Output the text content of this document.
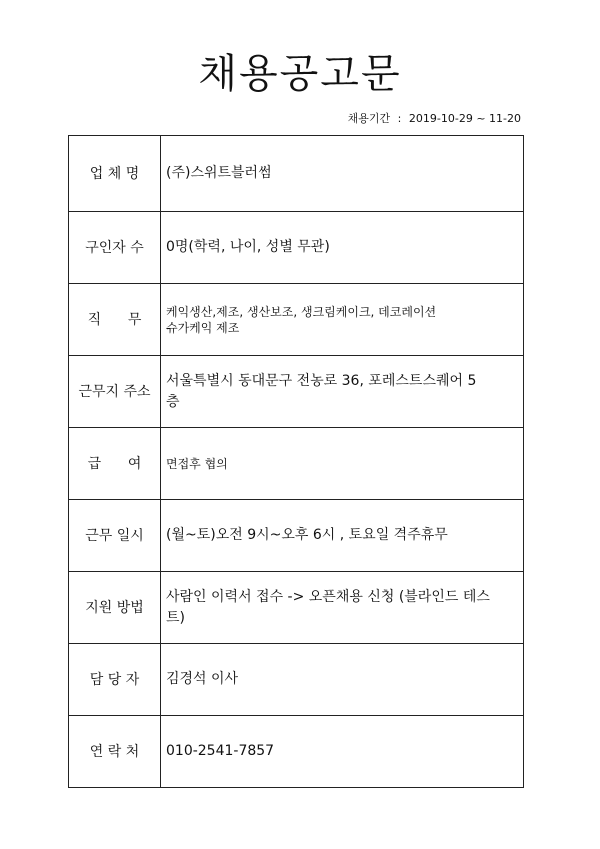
채용공고문
채용기간 : 2019-10-29 ~ 11-20
업 체 명	(주)스위트블러썸

구인자 수	0명(학력, 나이, 성별 무관)

직      무	케익생산,제조, 생산보조, 생크림케이크, 데코레이션
슈가케익 제조

근무지 주소	서울특별시 동대문구 전농로 36, 포레스트스퀘어 5
층

급      여	면접후 협의

근무 일시	(월~토)오전 9시~오후 6시 , 토요일 격주휴무

지원 방법	사람인 이력서 접수 -> 오픈채용 신청 (블라인드 테스
트)

담 당 자	김경석 이사

연 락 처	010-2541-7857
